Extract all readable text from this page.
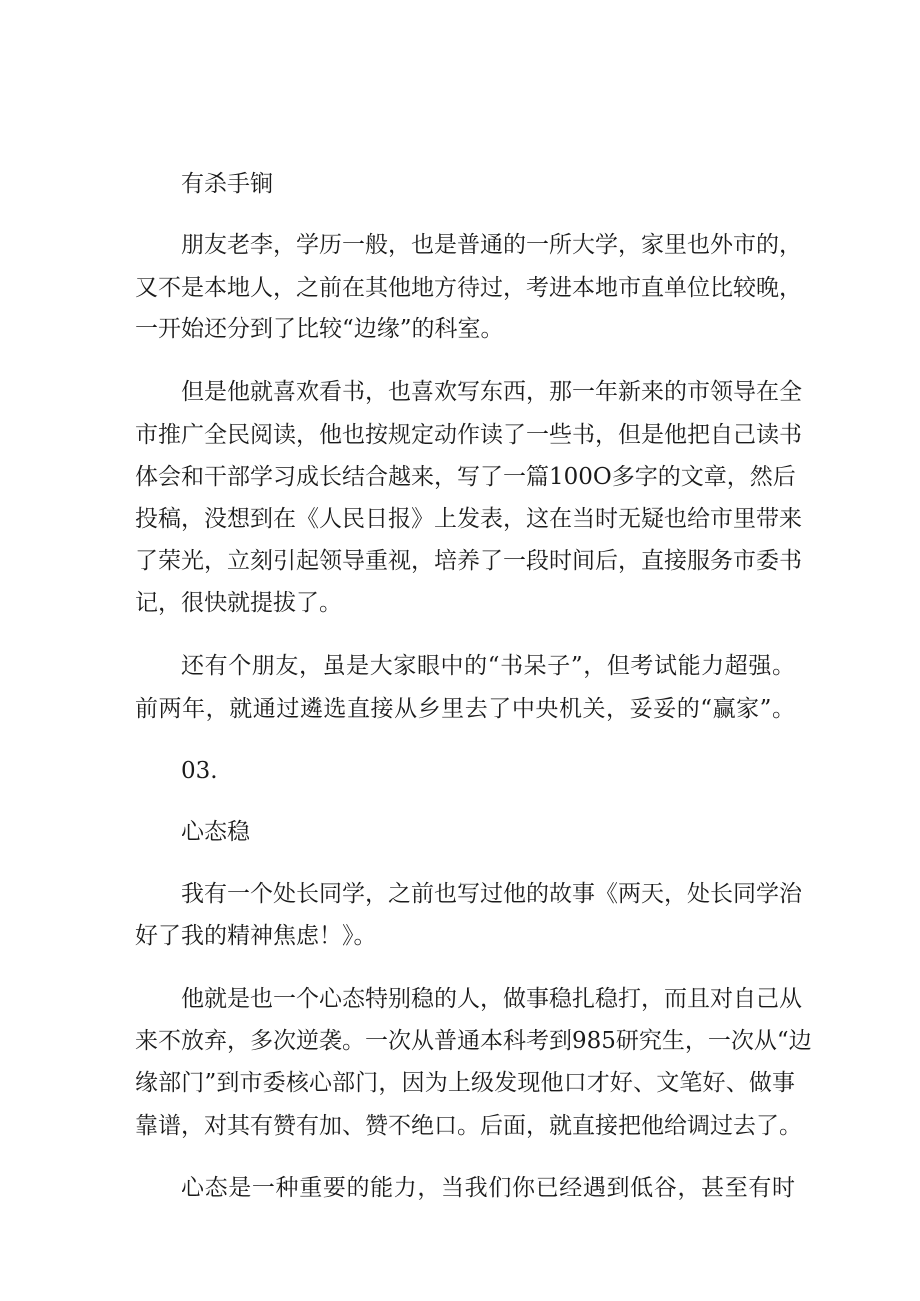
有杀手锏
朋友老李，学历一般，也是普通的一所大学，家里也外市的，
又不是本地人，之前在其他地方待过，考进本地市直单位比较晚，
一开始还分到了比较“边缘”的科室。
但是他就喜欢看书，也喜欢写东西，那一年新来的市领导在全
市推广全民阅读，他也按规定动作读了一些书，但是他把自己读书
体会和干部学习成长结合越来，写了一篇100O多字的文章，然后
投稿，没想到在《人民日报》上发表，这在当时无疑也给市里带来
了荣光，立刻引起领导重视，培养了一段时间后，直接服务市委书
记，很快就提拔了。
还有个朋友，虽是大家眼中的“书呆子”，但考试能力超强。
前两年，就通过遴选直接从乡里去了中央机关，妥妥的“赢家”。
03.
心态稳
我有一个处长同学，之前也写过他的故事《两天，处长同学治
好了我的精神焦虑！》。
他就是也一个心态特别稳的人，做事稳扎稳打，而且对自己从
来不放弃，多次逆袭。一次从普通本科考到985研究生，一次从“边
缘部门”到市委核心部门，因为上级发现他口才好、文笔好、做事
靠谱，对其有赞有加、赞不绝口。后面，就直接把他给调过去了。
心态是一种重要的能力，当我们你已经遇到低谷，甚至有时
